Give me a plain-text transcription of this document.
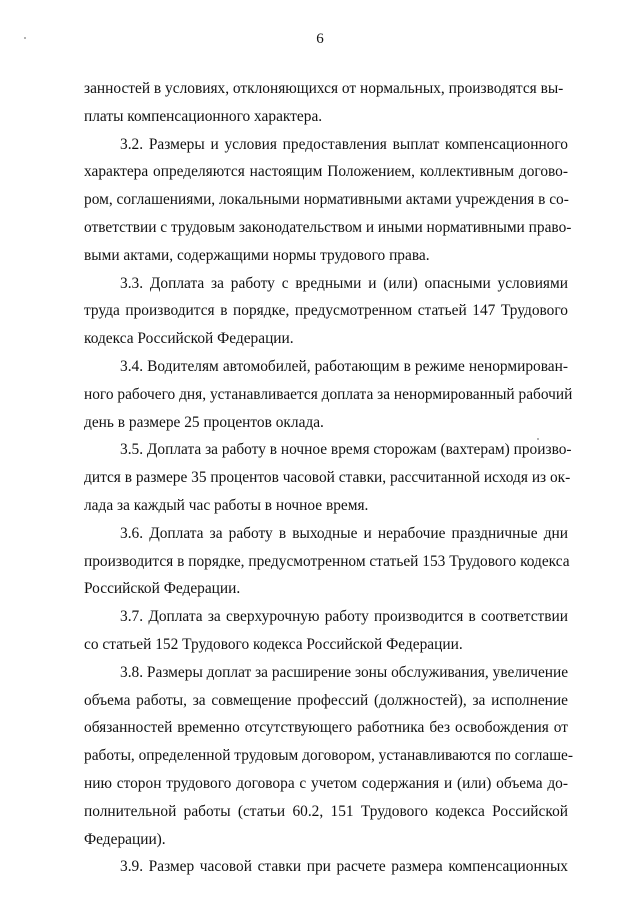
6
занностей в условиях, отклоняющихся от нормальных, производятся вы-
платы компенсационного характера.
3.2. Размеры и условия предоставления выплат компенсационного
характера определяются настоящим Положением, коллективным догово-
ром, соглашениями, локальными нормативными актами учреждения в со-
ответствии с трудовым законодательством и иными нормативными право-
выми актами, содержащими нормы трудового права.
3.3. Доплата за работу с вредными и (или) опасными условиями
труда производится в порядке, предусмотренном статьей 147 Трудового
кодекса Российской Федерации.
3.4. Водителям автомобилей, работающим в режиме ненормирован-
ного рабочего дня, устанавливается доплата за ненормированный рабочий
день в размере 25 процентов оклада.
3.5. Доплата за работу в ночное время сторожам (вахтерам) произво-
дится в размере 35 процентов часовой ставки, рассчитанной исходя из ок-
лада за каждый час работы в ночное время.
3.6. Доплата за работу в выходные и нерабочие праздничные дни
производится в порядке, предусмотренном статьей 153 Трудового кодекса
Российской Федерации.
3.7. Доплата за сверхурочную работу производится в соответствии
со статьей 152 Трудового кодекса Российской Федерации.
3.8. Размеры доплат за расширение зоны обслуживания, увеличение
объема работы, за совмещение профессий (должностей), за исполнение
обязанностей временно отсутствующего работника без освобождения от
работы, определенной трудовым договором, устанавливаются по соглаше-
нию сторон трудового договора с учетом содержания и (или) объема до-
полнительной работы (статьи 60.2, 151 Трудового кодекса Российской
Федерации).
3.9. Размер часовой ставки при расчете размера компенсационных
